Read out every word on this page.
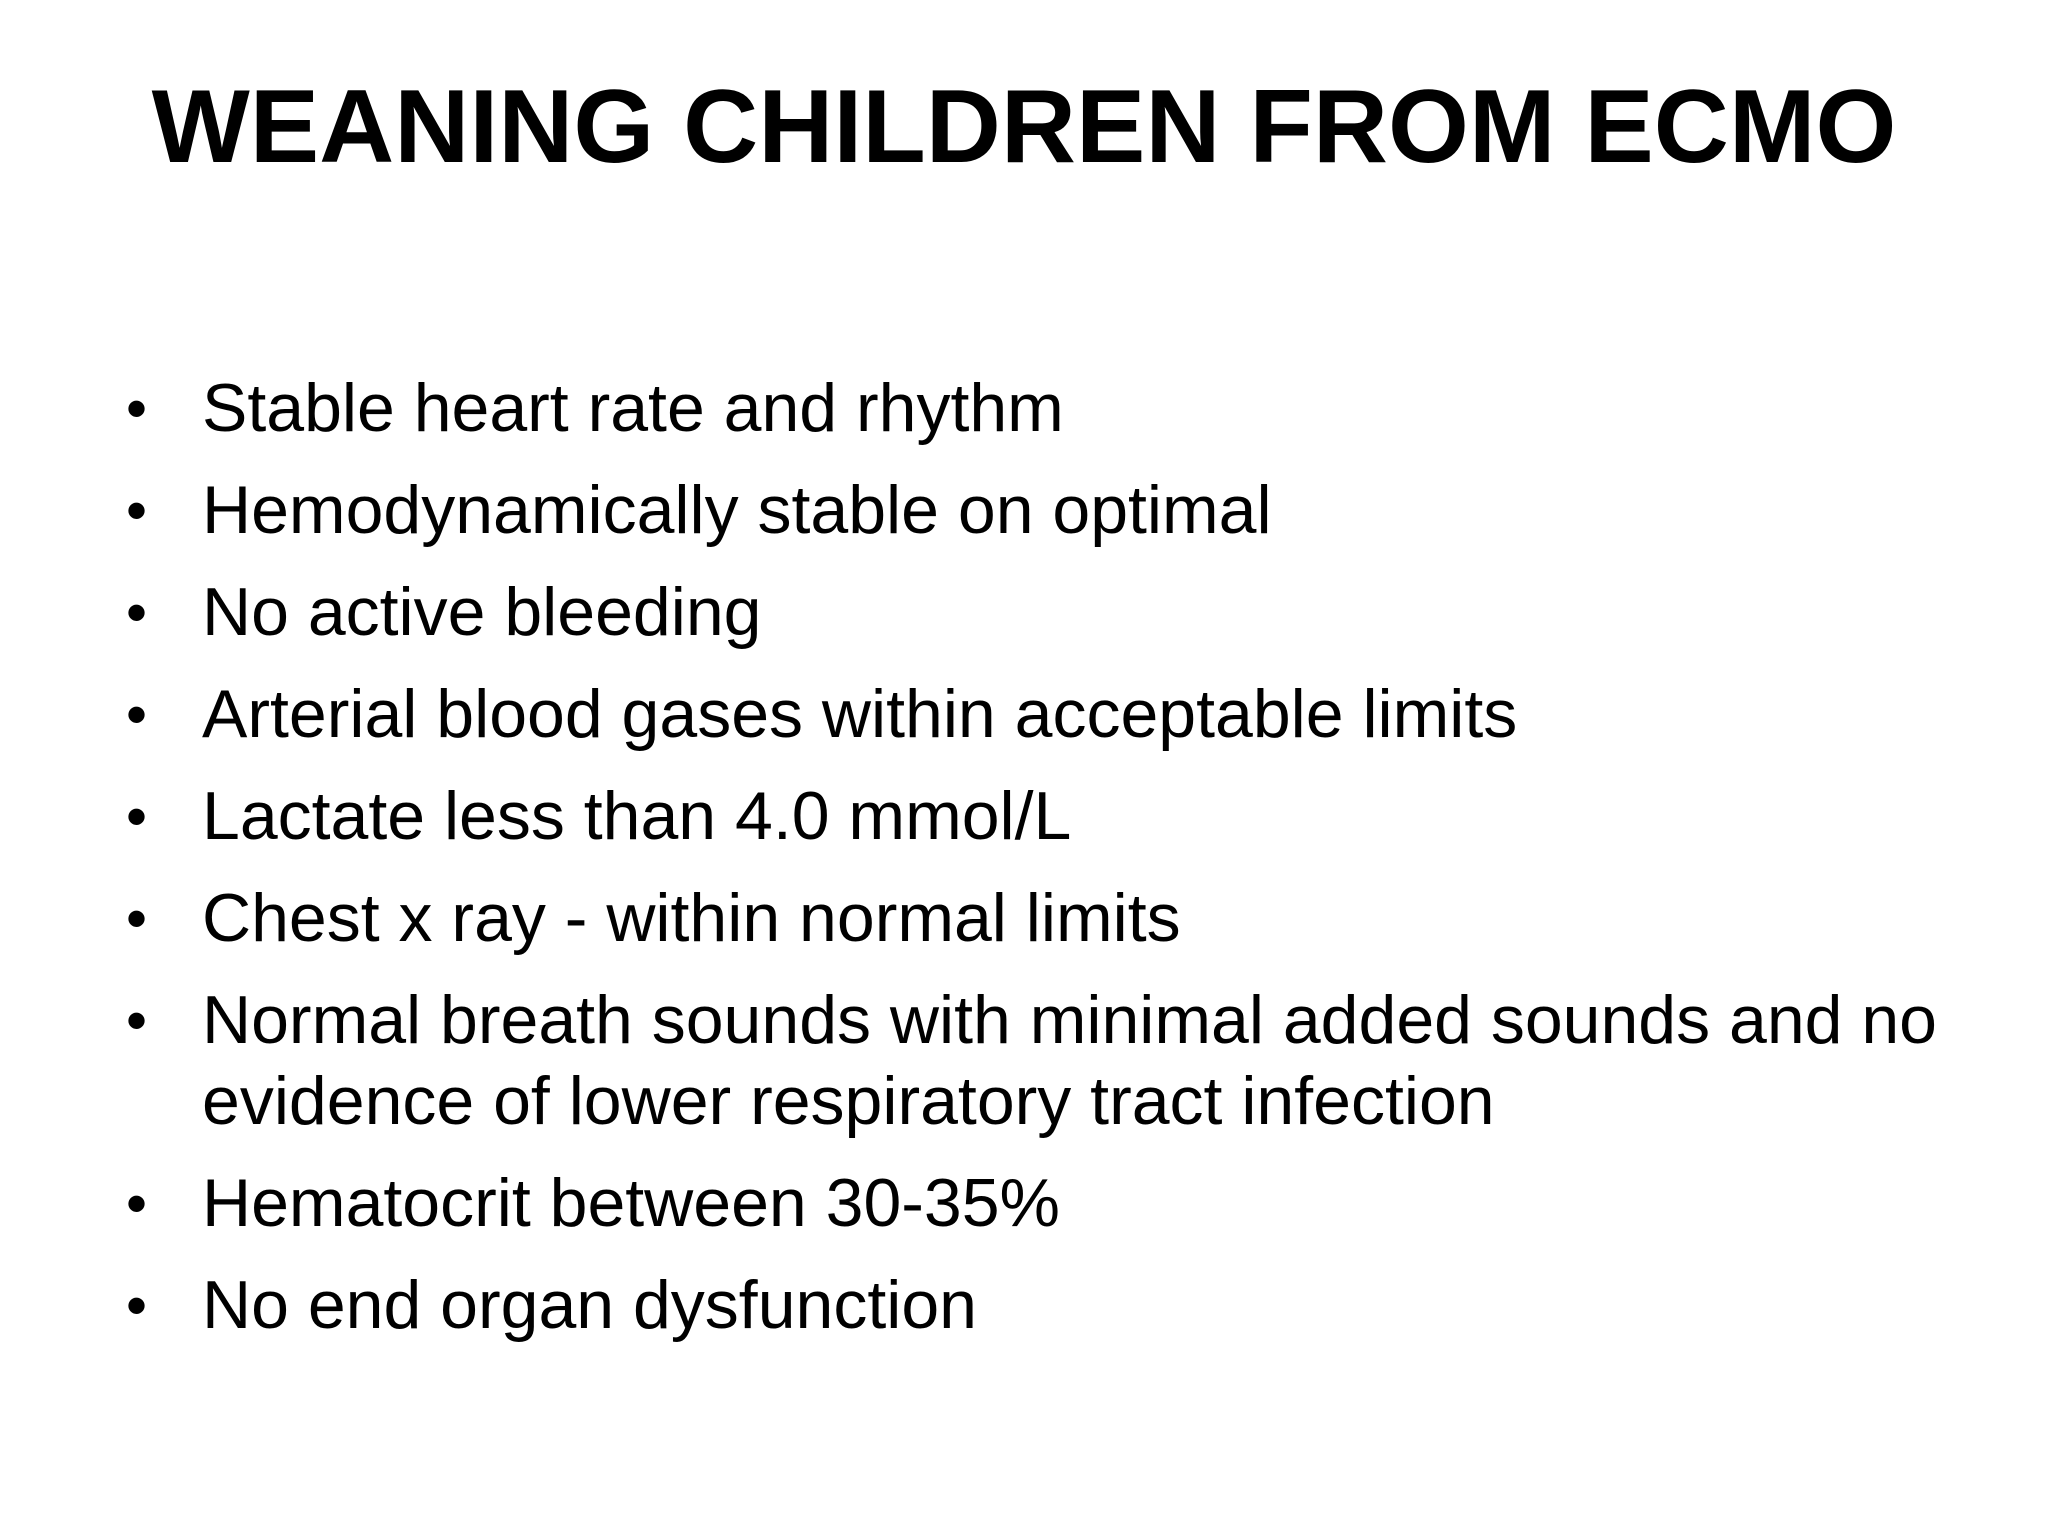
WEANING CHILDREN FROM ECMO
• Stable heart rate and rhythm
• Hemodynamically stable on optimal
• No active bleeding
• Arterial blood gases within acceptable limits
• Lactate less than 4.0 mmol/L
• Chest x ray - within normal limits
• Normal breath sounds with minimal added sounds and no evidence of lower respiratory tract infection
• Hematocrit between 30-35%
• No end organ dysfunction
